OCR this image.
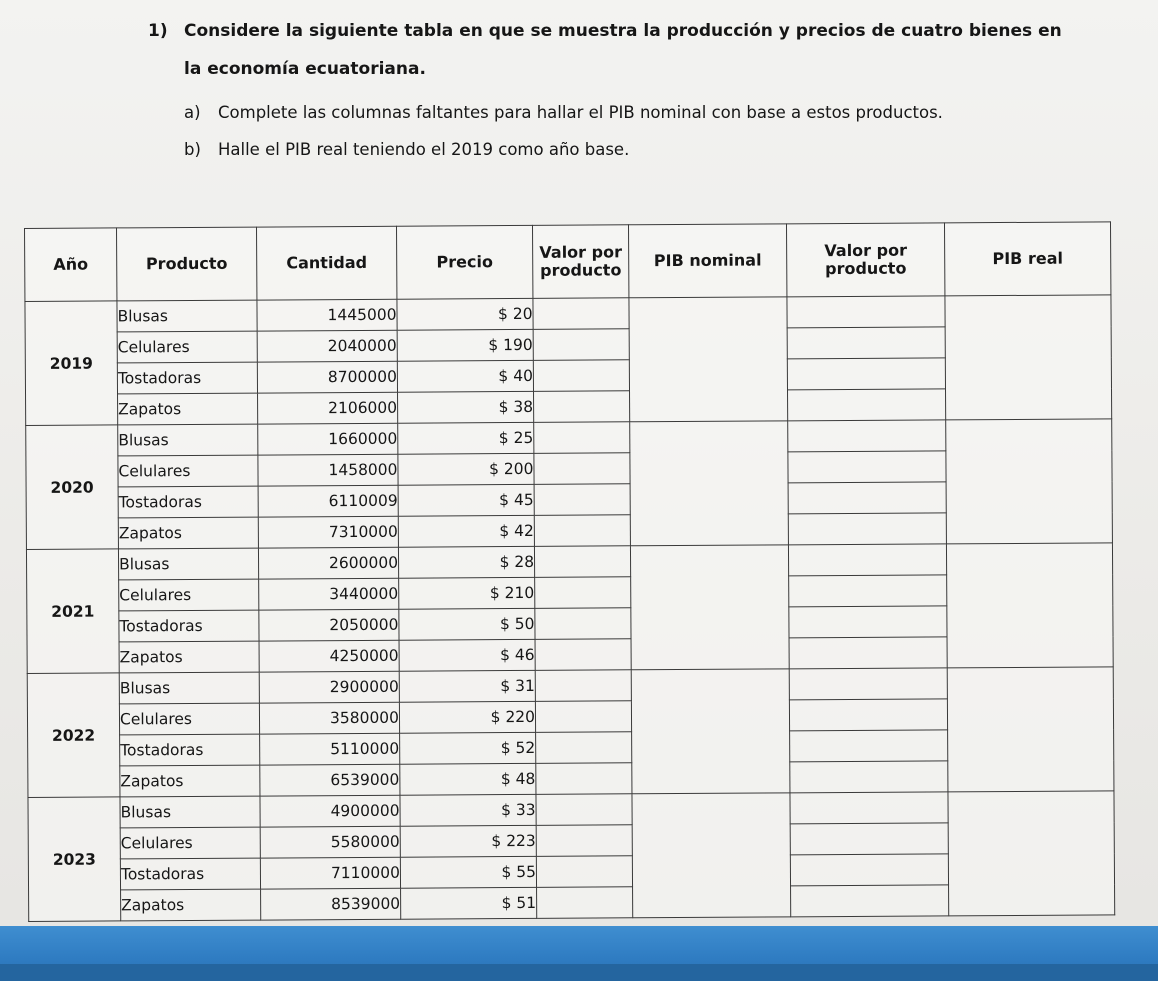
1) Considere la siguiente tabla en que se muestra la producción y precios de cuatro bienes en
la economía ecuatoriana.
a) Complete las columnas faltantes para hallar el PIB nominal con base a estos productos.
b) Halle el PIB real teniendo el 2019 como año base.
Año	Producto	Cantidad	Precio	Valor por producto	PIB nominal	Valor por producto	PIB real
2019	Blusas	1445000	$ 20				
	Celulares	2040000	$ 190				
	Tostadoras	8700000	$ 40				
	Zapatos	2106000	$ 38				
2020	Blusas	1660000	$ 25				
	Celulares	1458000	$ 200				
	Tostadoras	6110009	$ 45				
	Zapatos	7310000	$ 42				
2021	Blusas	2600000	$ 28				
	Celulares	3440000	$ 210				
	Tostadoras	2050000	$ 50				
	Zapatos	4250000	$ 46				
2022	Blusas	2900000	$ 31				
	Celulares	3580000	$ 220				
	Tostadoras	5110000	$ 52				
	Zapatos	6539000	$ 48				
2023	Blusas	4900000	$ 33				
	Celulares	5580000	$ 223				
	Tostadoras	7110000	$ 55				
	Zapatos	8539000	$ 51				
